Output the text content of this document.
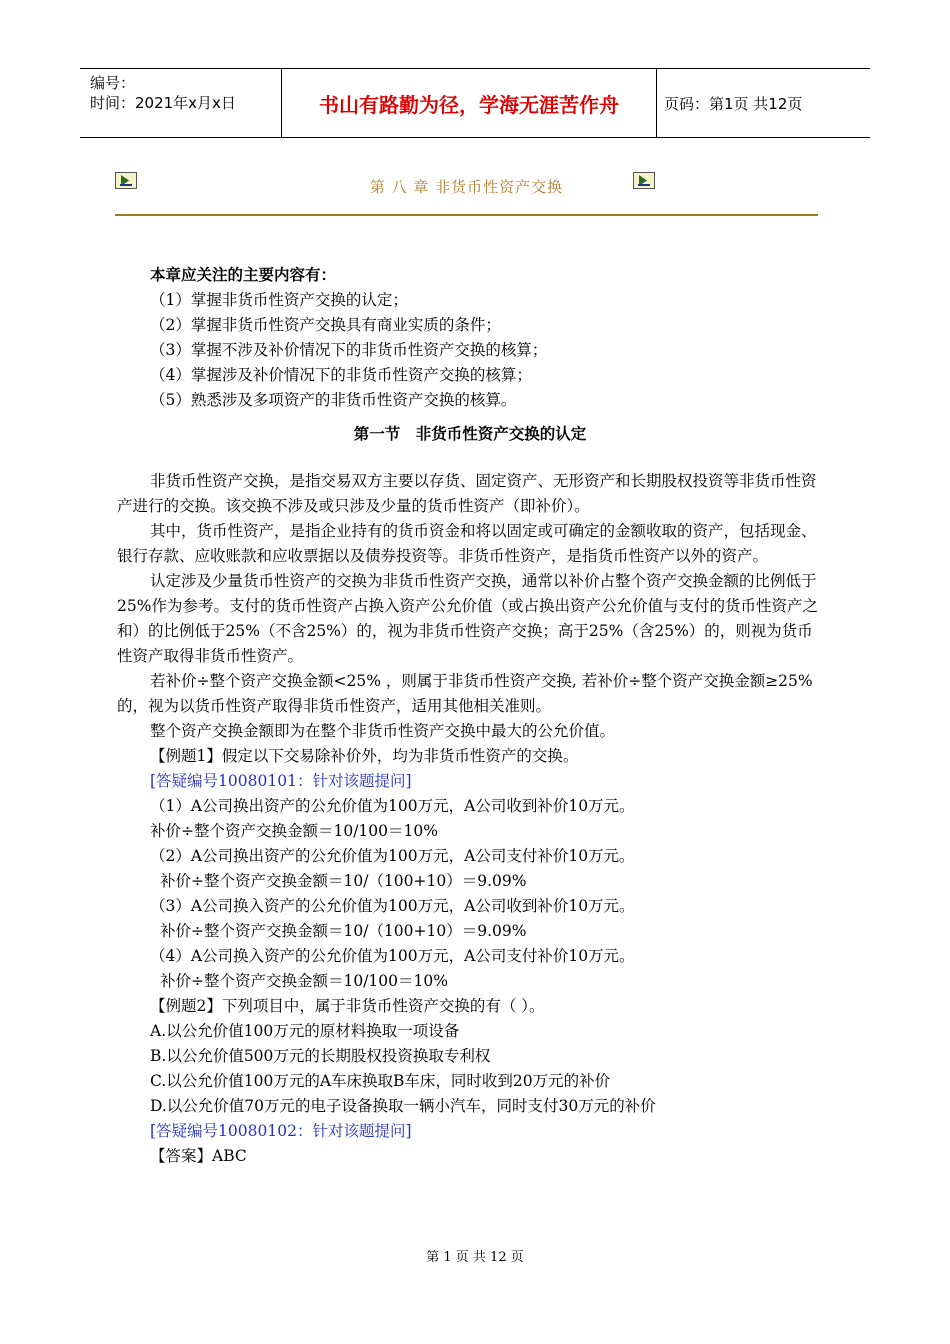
编号：
时间：2021年x月x日	书山有路勤为径，学海无涯苦作舟	页码：第1页 共12页
第 八 章 非货币性资产交换

本章应关注的主要内容有：

（1）掌握非货币性资产交换的认定；

（2）掌握非货币性资产交换具有商业实质的条件；

（3）掌握不涉及补价情况下的非货币性资产交换的核算；

（4）掌握涉及补价情况下的非货币性资产交换的核算；

（5）熟悉涉及多项资产的非货币性资产交换的核算。

第一节　非货币性资产交换的认定

非货币性资产交换，是指交易双方主要以存货、固定资产、无形资产和长期股权投资等非货币性资产进行的交换。该交换不涉及或只涉及少量的货币性资产（即补价）。

其中，货币性资产，是指企业持有的货币资金和将以固定或可确定的金额收取的资产，包括现金、银行存款、应收账款和应收票据以及债券投资等。非货币性资产，是指货币性资产以外的资产。

认定涉及少量货币性资产的交换为非货币性资产交换，通常以补价占整个资产交换金额的比例低于25%作为参考。支付的货币性资产占换入资产公允价值（或占换出资产公允价值与支付的货币性资产之和）的比例低于25%（不含25%）的，视为非货币性资产交换；高于25%（含25%）的，则视为货币性资产取得非货币性资产。

若补价÷整个资产交换金额<25% ，则属于非货币性资产交换, 若补价÷整个资产交换金额≥25%的，视为以货币性资产取得非货币性资产，适用其他相关准则。

整个资产交换金额即为在整个非货币性资产交换中最大的公允价值。

【例题1】假定以下交易除补价外，均为非货币性资产的交换。

[答疑编号10080101：针对该题提问]

（1）A公司换出资产的公允价值为100万元，A公司收到补价10万元。

补价÷整个资产交换金额＝10/100＝10%

（2）A公司换出资产的公允价值为100万元，A公司支付补价10万元。

补价÷整个资产交换金额＝10/（100+10）＝9.09%

（3）A公司换入资产的公允价值为100万元，A公司收到补价10万元。

补价÷整个资产交换金额＝10/（100+10）＝9.09%

（4）A公司换入资产的公允价值为100万元，A公司支付补价10万元。

补价÷整个资产交换金额＝10/100＝10%

【例题2】下列项目中，属于非货币性资产交换的有（ ）。

A.以公允价值100万元的原材料换取一项设备

B.以公允价值500万元的长期股权投资换取专利权

C.以公允价值100万元的A车床换取B车床，同时收到20万元的补价

D.以公允价值70万元的电子设备换取一辆小汽车，同时支付30万元的补价

[答疑编号10080102：针对该题提问]

【答案】ABC

第 1 页 共 12 页
